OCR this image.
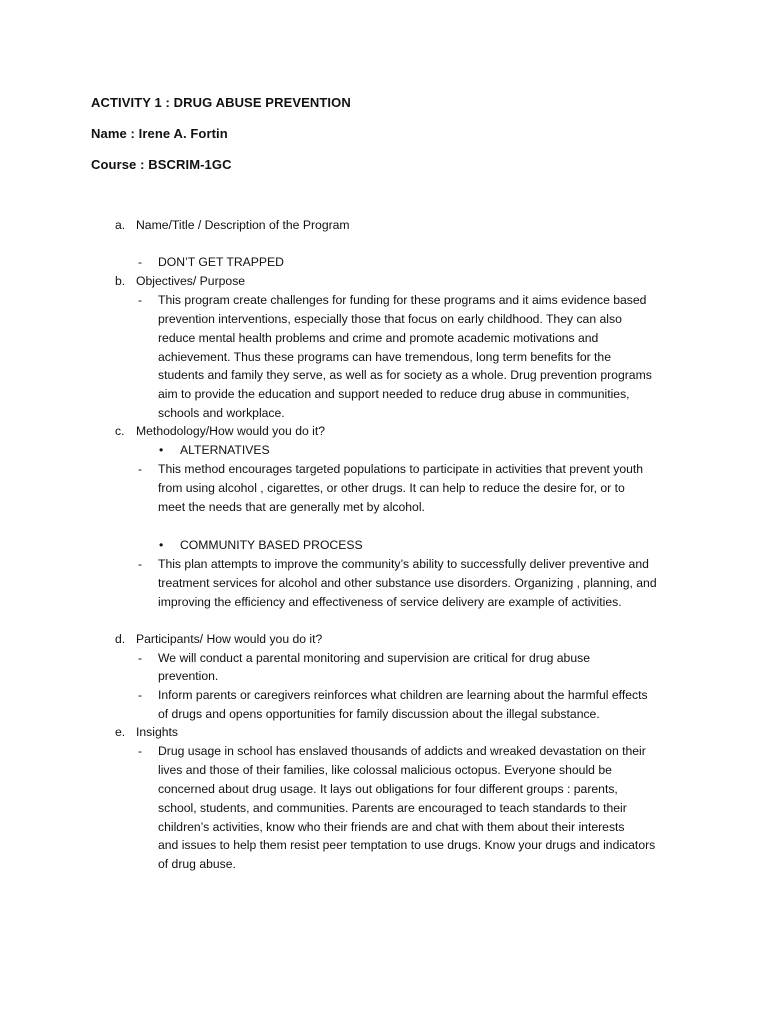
ACTIVITY 1 : DRUG ABUSE PREVENTION
Name : Irene A. Fortin
Course : BSCRIM-1GC
a. Name/Title / Description of the Program
- DON’T GET TRAPPED
b. Objectives/ Purpose
- This program create challenges for funding for these programs and it aims evidence based
prevention interventions, especially those that focus on early childhood. They can also
reduce mental health problems and crime and promote academic motivations and
achievement. Thus these programs can have tremendous, long term benefits for the
students and family they serve, as well as for society as a whole. Drug prevention programs
aim to provide the education and support needed to reduce drug abuse in communities,
schools and workplace.
c. Methodology/How would you do it?
• ALTERNATIVES
- This method encourages targeted populations to participate in activities that prevent youth
from using alcohol , cigarettes, or other drugs. It can help to reduce the desire for, or to
meet the needs that are generally met by alcohol.
• COMMUNITY BASED PROCESS
- This plan attempts to improve the community’s ability to successfully deliver preventive and
treatment services for alcohol and other substance use disorders. Organizing , planning, and
improving the efficiency and effectiveness of service delivery are example of activities.
d. Participants/ How would you do it?
- We will conduct a parental monitoring and supervision are critical for drug abuse
prevention.
- Inform parents or caregivers reinforces what children are learning about the harmful effects
of drugs and opens opportunities for family discussion about the illegal substance.
e. Insights
- Drug usage in school has enslaved thousands of addicts and wreaked devastation on their
lives and those of their families, like colossal malicious octopus. Everyone should be
concerned about drug usage. It lays out obligations for four different groups : parents,
school, students, and communities. Parents are encouraged to teach standards to their
children’s activities, know who their friends are and chat with them about their interests
and issues to help them resist peer temptation to use drugs. Know your drugs and indicators
of drug abuse.
